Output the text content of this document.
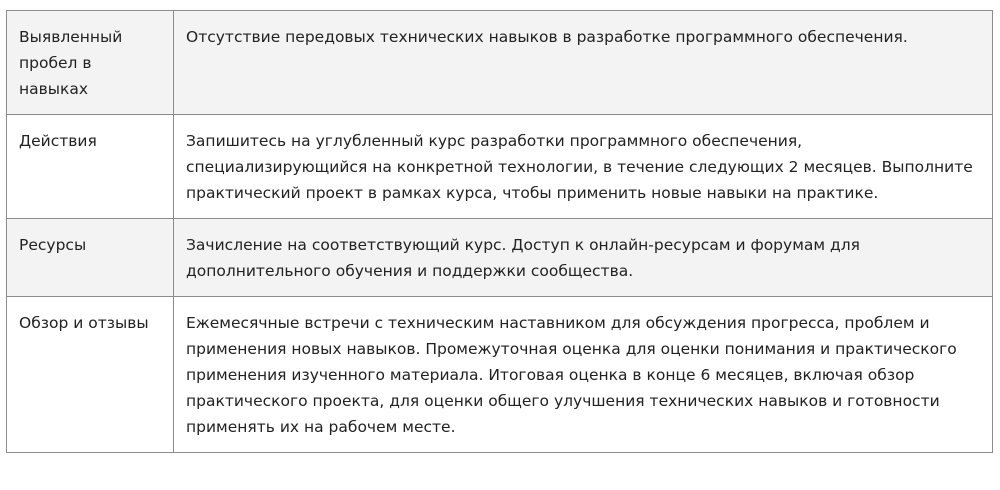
Выявленный пробел в навыках	Отсутствие передовых технических навыков в разработке программного обеспечения.
Действия	Запишитесь на углубленный курс разработки программного обеспечения, специализирующийся на конкретной технологии, в течение следующих 2 месяцев. Выполните практический проект в рамках курса, чтобы применить новые навыки на практике.
Ресурсы	Зачисление на соответствующий курс. Доступ к онлайн-ресурсам и форумам для дополнительного обучения и поддержки сообщества.
Обзор и отзывы	Ежемесячные встречи с техническим наставником для обсуждения прогресса, проблем и применения новых навыков. Промежуточная оценка для оценки понимания и практического применения изученного материала. Итоговая оценка в конце 6 месяцев, включая обзор практического проекта, для оценки общего улучшения технических навыков и готовности применять их на рабочем месте.
